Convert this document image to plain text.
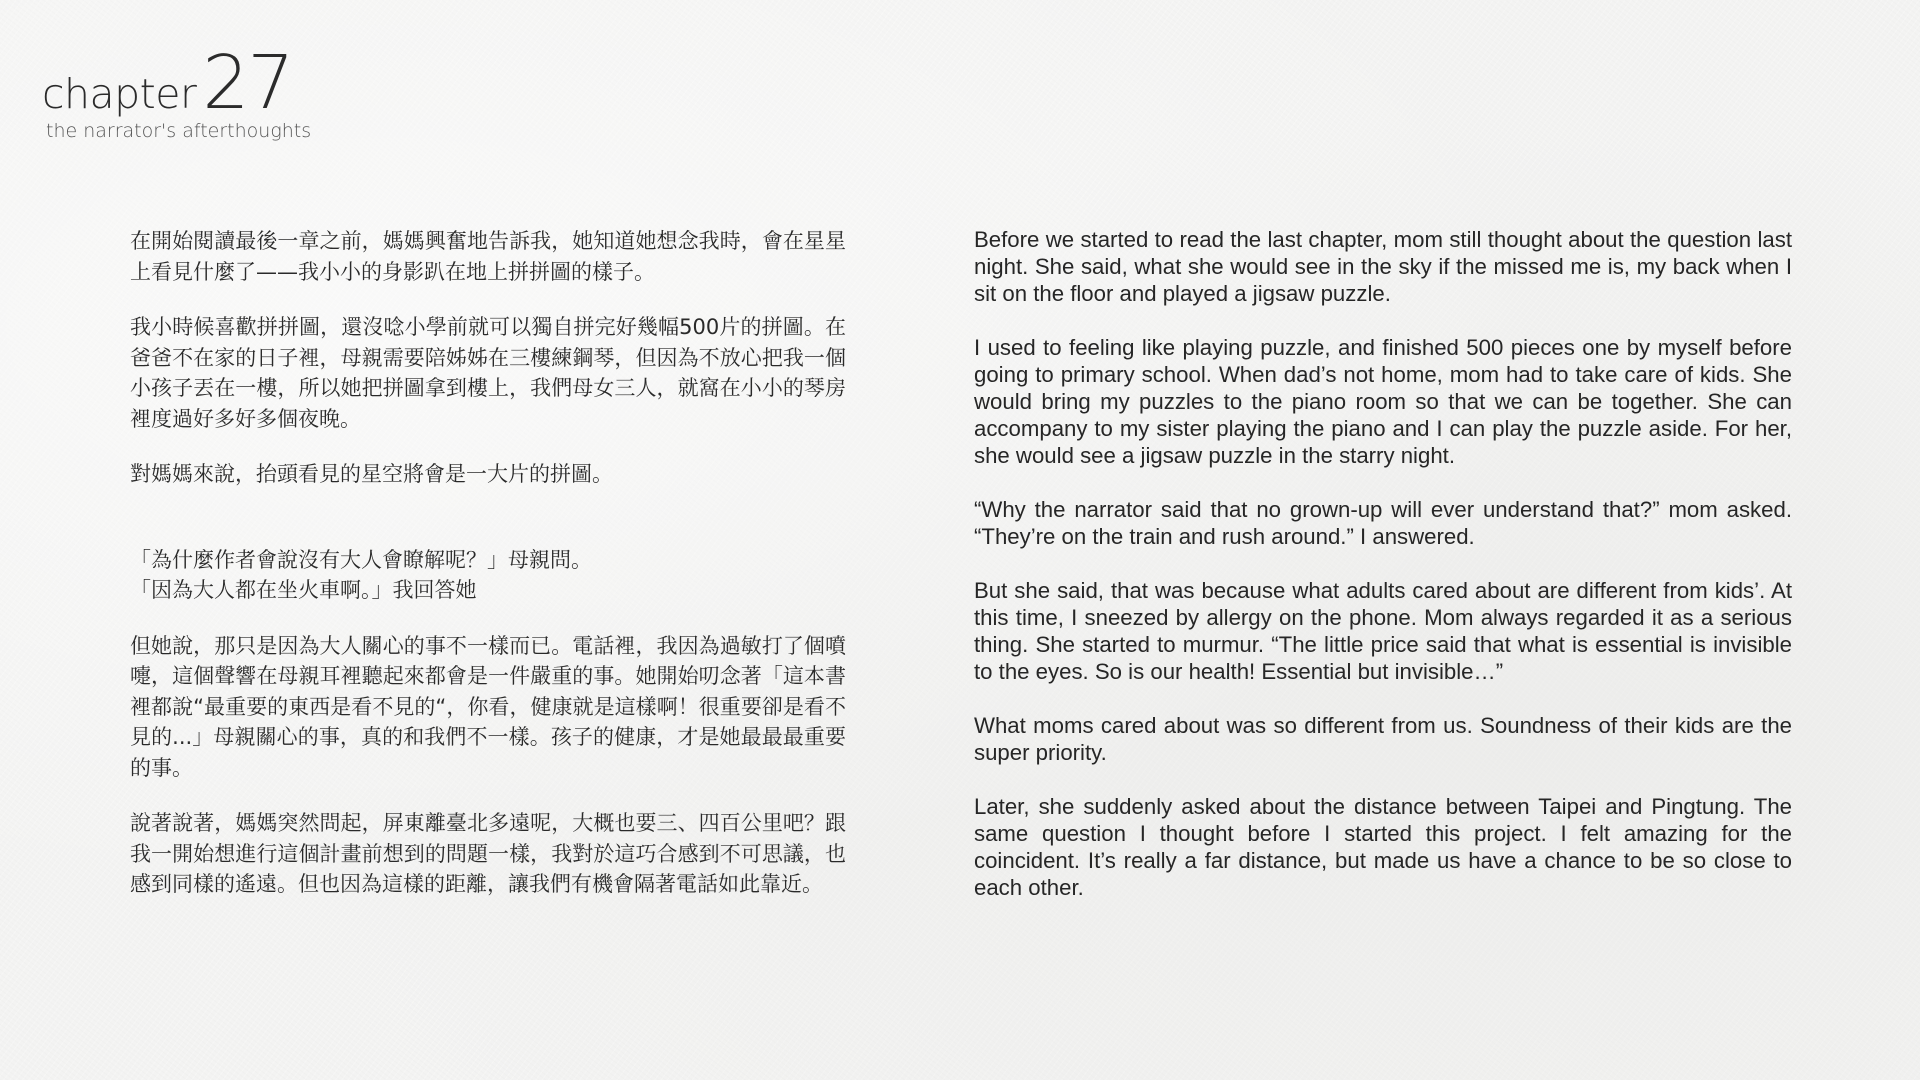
chapter27
the narrator's afterthoughts

在開始閱讀最後一章之前，媽媽興奮地告訴我，她知道她想念我時，會在星星上看見什麼了——我小小的身影趴在地上拼拼圖的樣子。

我小時候喜歡拼拼圖，還沒唸小學前就可以獨自拼完好幾幅500片的拼圖。在爸爸不在家的日子裡，母親需要陪姊姊在三樓練鋼琴，但因為不放心把我一個小孩子丟在一樓，所以她把拼圖拿到樓上，我們母女三人，就窩在小小的琴房裡度過好多好多個夜晚。

對媽媽來說，抬頭看見的星空將會是一大片的拼圖。

「為什麼作者會說沒有大人會瞭解呢？」母親問。

「因為大人都在坐火車啊。」我回答她

但她說，那只是因為大人關心的事不一樣而已。電話裡，我因為過敏打了個噴嚏，這個聲響在母親耳裡聽起來都會是一件嚴重的事。她開始叨念著「這本書裡都說“最重要的東西是看不見的“，你看，健康就是這樣啊！很重要卻是看不見的...」母親關心的事，真的和我們不一樣。孩子的健康，才是她最最最重要的事。

說著說著，媽媽突然問起，屏東離臺北多遠呢，大概也要三、四百公里吧？跟我一開始想進行這個計畫前想到的問題一樣，我對於這巧合感到不可思議，也感到同樣的遙遠。但也因為這樣的距離，讓我們有機會隔著電話如此靠近。

Before we started to read the last chapter, mom still thought about the question last night. She said, what she would see in the sky if the missed me is, my back when I sit on the floor and played a jigsaw puzzle.

I used to feeling like playing puzzle, and finished 500 pieces one by myself before going to primary school. When dad’s not home, mom had to take care of kids. She would bring my puzzles to the piano room so that we can be together. She can accompany to my sister playing the piano and I can play the puzzle aside. For her, she would see a jigsaw puzzle in the starry night.

“Why the narrator said that no grown-up will ever understand that?” mom asked. “They’re on the train and rush around.” I answered.

But she said, that was because what adults cared about are different from kids’. At this time, I sneezed by allergy on the phone. Mom always regarded it as a serious thing. She started to murmur. “The little price said that what is essential is invisible to the eyes. So is our health! Essential but invisible…”

What moms cared about was so different from us. Soundness of their kids are the super priority.

Later, she suddenly asked about the distance between Taipei and Pingtung. The same question I thought before I started this project. I felt amazing for the coincident. It’s really a far distance, but made us have a chance to be so close to each other.
